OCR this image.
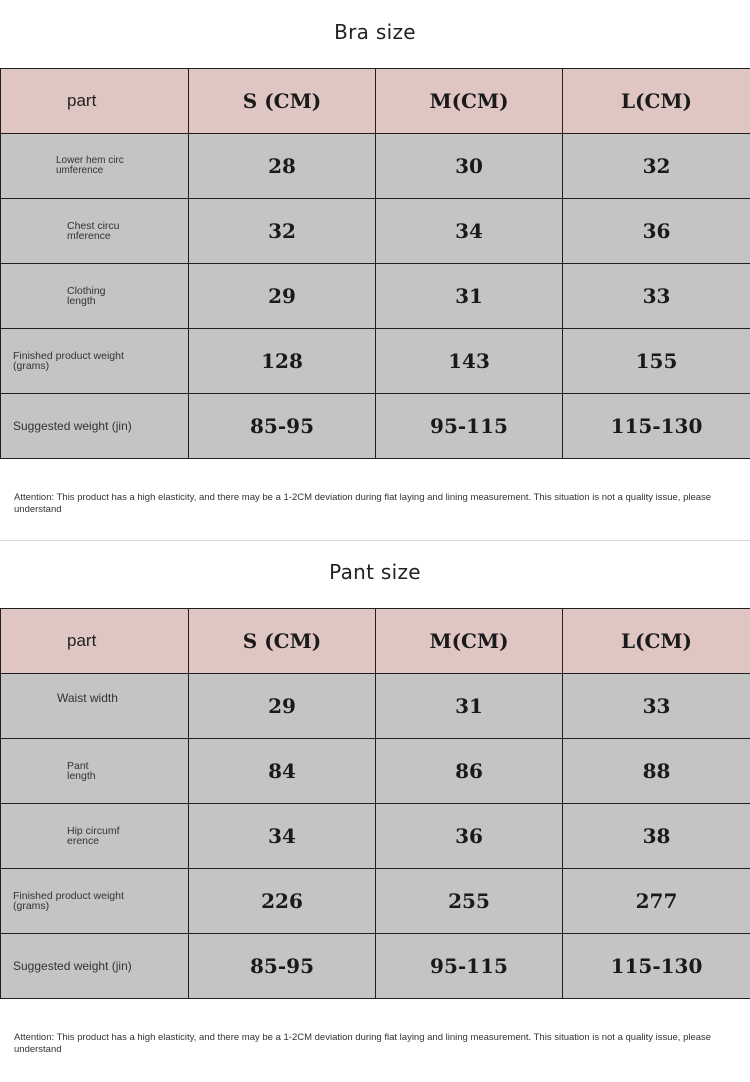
Bra size
part	S (CM)	M(CM)	L(CM)

Lower hem circumference	28	30	32

Chest circumference	32	34	36

Clothing length	29	31	33

Finished product weight (grams)	128	143	155

Suggested weight (jin)	85-95	95-115	115-130
Attention: This product has a high elasticity, and there may be a 1-2CM deviation during flat laying and lining measurement. This situation is not a quality issue, please understand
Pant size
part	S (CM)	M(CM)	L(CM)

Waist width	29	31	33

Pant length	84	86	88

Hip circumference	34	36	38

Finished product weight (grams)	226	255	277

Suggested weight (jin)	85-95	95-115	115-130
Attention: This product has a high elasticity, and there may be a 1-2CM deviation during flat laying and lining measurement. This situation is not a quality issue, please understand
